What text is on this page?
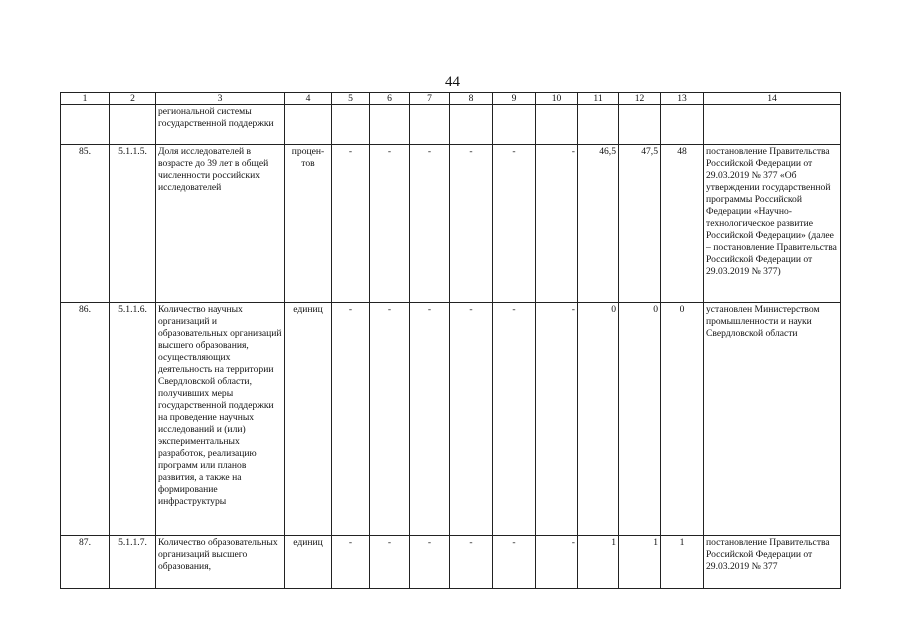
44
1	2	3	4	5	6	7	8	9	10	11	12	13	14
		региональной системы государственной поддержки											
85.	5.1.1.5.	Доля исследователей в возрасте до 39 лет в общей численности российских исследователей	процен-тов	-	-	-	-	-	-	46,5	47,5	48	постановление Правительства Российской Федерации от 29.03.2019 № 377 «Об утверждении государственной программы Российской Федерации «Научно-технологическое развитие Российской Федерации» (далее – постановление Правительства Российской Федерации от 29.03.2019 № 377)
86.	5.1.1.6.	Количество научных организаций и образовательных организаций высшего образования, осуществляющих деятельность на территории Свердловской области, получивших меры государственной поддержки на проведение научных исследований и (или) экспериментальных разработок, реализацию программ или планов развития, а также на формирование инфраструктуры	единиц	-	-	-	-	-	-	0	0	0	установлен Министерством промышленности и науки Свердловской области
87.	5.1.1.7.	Количество образовательных организаций высшего образования,	единиц	-	-	-	-	-	-	1	1	1	постановление Правительства Российской Федерации от 29.03.2019 № 377
